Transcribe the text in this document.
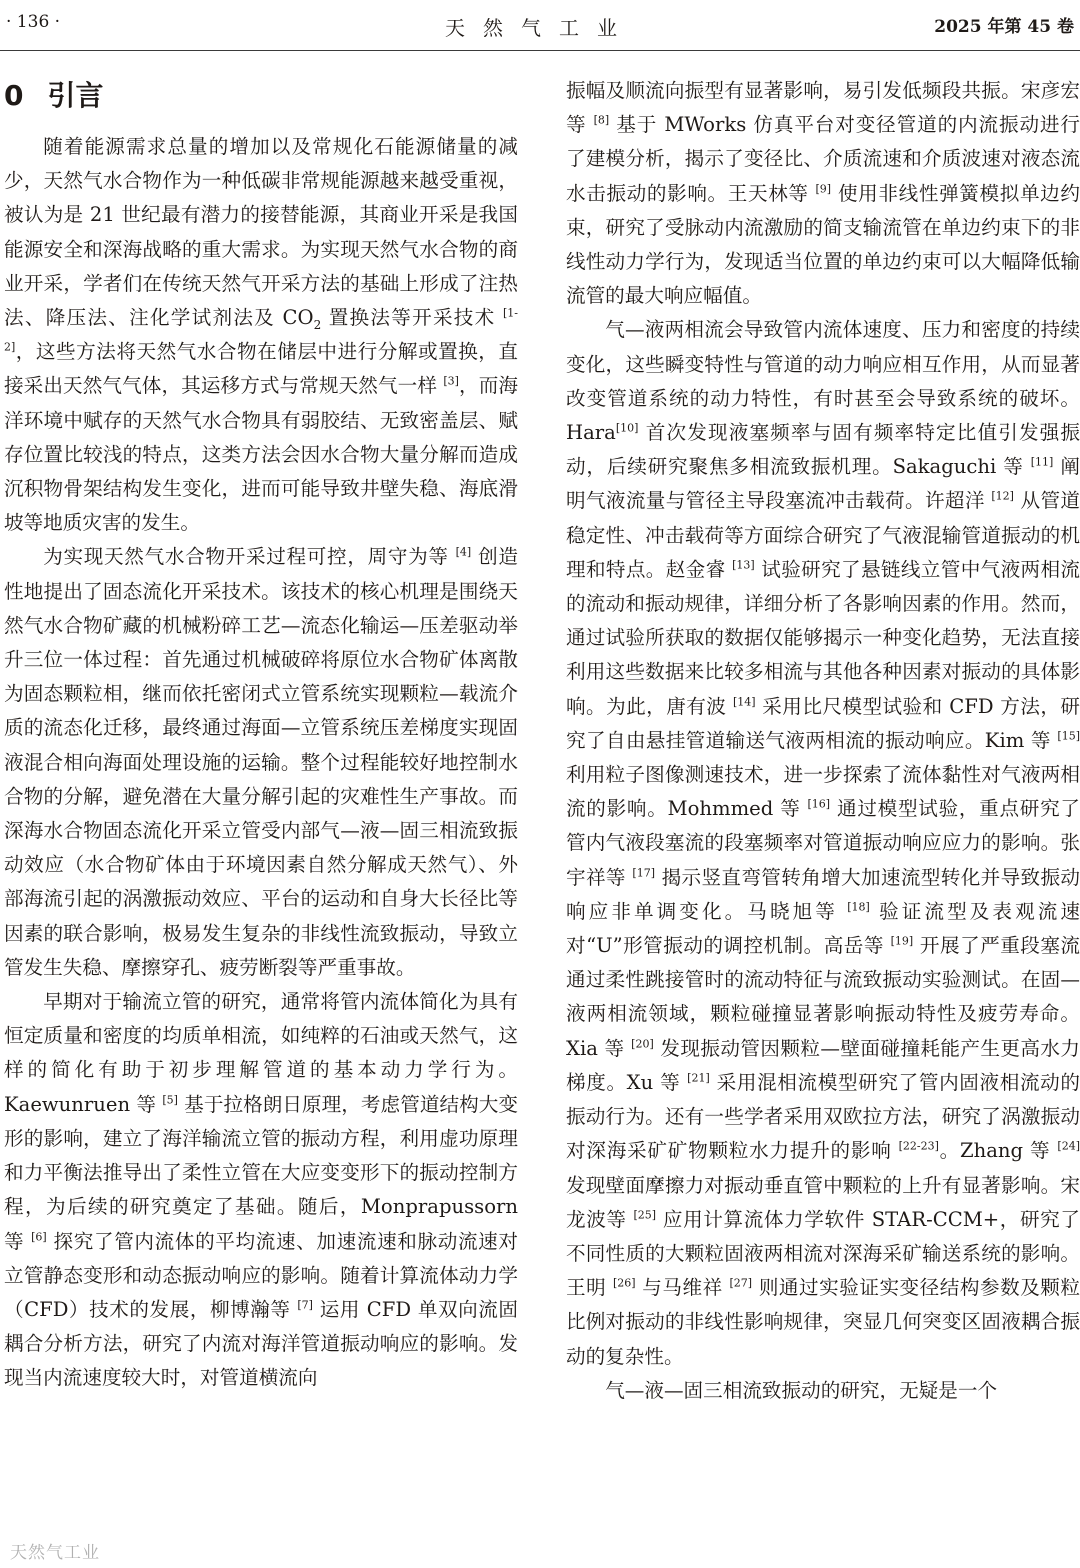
· 136 ·	天然气工业	2025 年第 45 卷
0 引言

随着能源需求总量的增加以及常规化石能源储量的减少，天然气水合物作为一种低碳非常规能源越来越受重视，被认为是 21 世纪最有潜力的接替能源，其商业开采是我国能源安全和深海战略的重大需求。为实现天然气水合物的商业开采，学者们在传统天然气开采方法的基础上形成了注热法、降压法、注化学试剂法及 $CO_2$ 置换法等开采技术 [1-2]，这些方法将天然气水合物在储层中进行分解或置换，直接采出天然气气体，其运移方式与常规天然气一样 [3]，而海洋环境中赋存的天然气水合物具有弱胶结、无致密盖层、赋存位置比较浅的特点，这类方法会因水合物大量分解而造成沉积物骨架结构发生变化，进而可能导致井壁失稳、海底滑坡等地质灾害的发生。

为实现天然气水合物开采过程可控，周守为等 [4] 创造性地提出了固态流化开采技术。该技术的核心机理是围绕天然气水合物矿藏的机械粉碎工艺—流态化输运—压差驱动举升三位一体过程：首先通过机械破碎将原位水合物矿体离散为固态颗粒相，继而依托密闭式立管系统实现颗粒—载流介质的流态化迁移，最终通过海面—立管系统压差梯度实现固液混合相向海面处理设施的运输。整个过程能较好地控制水合物的分解，避免潜在大量分解引起的灾难性生产事故。而深海水合物固态流化开采立管受内部气—液—固三相流致振动效应（水合物矿体由于环境因素自然分解成天然气）、外部海流引起的涡激振动效应、平台的运动和自身大长径比等因素的联合影响，极易发生复杂的非线性流致振动，导致立管发生失稳、摩擦穿孔、疲劳断裂等严重事故。

早期对于输流立管的研究，通常将管内流体简化为具有恒定质量和密度的均质单相流，如纯粹的石油或天然气，这样的简化有助于初步理解管道的基本动力学行为。Kaewunruen 等 [5] 基于拉格朗日原理，考虑管道结构大变形的影响，建立了海洋输流立管的振动方程，利用虚功原理和力平衡法推导出了柔性立管在大应变变形下的振动控制方程，为后续的研究奠定了基础。随后，Monprapussorn 等 [6] 探究了管内流体的平均流速、加速流速和脉动流速对立管静态变形和动态振动响应的影响。随着计算流体动力学（CFD）技术的发展，柳博瀚等 [7] 运用 CFD 单双向流固耦合分析方法，研究了内流对海洋管道振动响应的影响。发现当内流速度较大时，对管道横流向

振幅及顺流向振型有显著影响，易引发低频段共振。宋彦宏等 [8] 基于 MWorks 仿真平台对变径管道的内流振动进行了建模分析，揭示了变径比、介质流速和介质波速对液态流水击振动的影响。王天林等 [9] 使用非线性弹簧模拟单边约束，研究了受脉动内流激励的简支输流管在单边约束下的非线性动力学行为，发现适当位置的单边约束可以大幅降低输流管的最大响应幅值。

气—液两相流会导致管内流体速度、压力和密度的持续变化，这些瞬变特性与管道的动力响应相互作用，从而显著改变管道系统的动力特性，有时甚至会导致系统的破坏。Hara[10] 首次发现液塞频率与固有频率特定比值引发强振动，后续研究聚焦多相流致振机理。Sakaguchi 等 [11] 阐明气液流量与管径主导段塞流冲击载荷。许超洋 [12] 从管道稳定性、冲击载荷等方面综合研究了气液混输管道振动的机理和特点。赵金睿 [13] 试验研究了悬链线立管中气液两相流的流动和振动规律，详细分析了各影响因素的作用。然而，通过试验所获取的数据仅能够揭示一种变化趋势，无法直接利用这些数据来比较多相流与其他各种因素对振动的具体影响。为此，唐有波 [14] 采用比尺模型试验和 CFD 方法，研究了自由悬挂管道输送气液两相流的振动响应。Kim 等 [15] 利用粒子图像测速技术，进一步探索了流体黏性对气液两相流的影响。Mohmmed 等 [16] 通过模型试验，重点研究了管内气液段塞流的段塞频率对管道振动响应应力的影响。张宇祥等 [17] 揭示竖直弯管转角增大加速流型转化并导致振动响应非单调变化。马晓旭等 [18] 验证流型及表观流速对“U”形管振动的调控机制。高岳等 [19] 开展了严重段塞流通过柔性跳接管时的流动特征与流致振动实验测试。在固—液两相流领域，颗粒碰撞显著影响振动特性及疲劳寿命。Xia 等 [20] 发现振动管因颗粒—壁面碰撞耗能产生更高水力梯度。Xu 等 [21] 采用混相流模型研究了管内固液相流动的振动行为。还有一些学者采用双欧拉方法，研究了涡激振动对深海采矿矿物颗粒水力提升的影响 [22-23]。Zhang 等 [24] 发现壁面摩擦力对振动垂直管中颗粒的上升有显著影响。宋龙波等 [25] 应用计算流体力学软件 STAR-CCM+，研究了不同性质的大颗粒固液两相流对深海采矿输送系统的影响。王明 [26] 与马维祥 [27] 则通过实验证实变径结构参数及颗粒比例对振动的非线性影响规律，突显几何突变区固液耦合振动的复杂性。

气—液—固三相流致振动的研究，无疑是一个

天然气工业
